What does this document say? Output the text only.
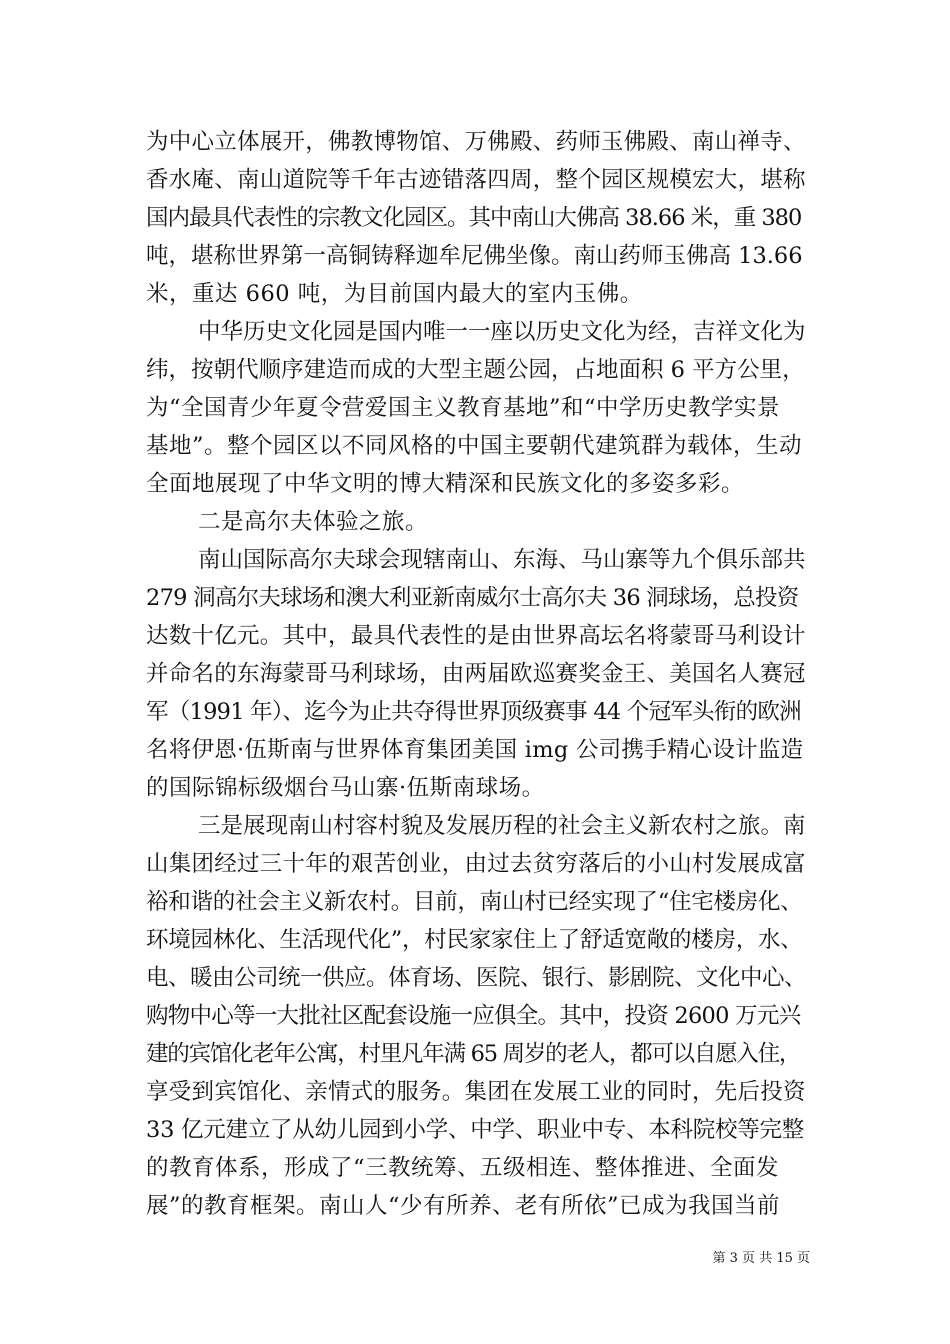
为中心立体展开，佛教博物馆、万佛殿、药师玉佛殿、南山禅寺、
香水庵、南山道院等千年古迹错落四周，整个园区规模宏大，堪称
国内最具代表性的宗教文化园区。其中南山大佛高 38.66 米，重 380
吨，堪称世界第一高铜铸释迦牟尼佛坐像。南山药师玉佛高 13.66
米，重达 660 吨，为目前国内最大的室内玉佛。
中华历史文化园是国内唯一一座以历史文化为经，吉祥文化为
纬，按朝代顺序建造而成的大型主题公园，占地面积 6 平方公里，
为“全国青少年夏令营爱国主义教育基地”和“中学历史教学实景
基地”。整个园区以不同风格的中国主要朝代建筑群为载体，生动
全面地展现了中华文明的博大精深和民族文化的多姿多彩。
二是高尔夫体验之旅。
南山国际高尔夫球会现辖南山、东海、马山寨等九个俱乐部共
279 洞高尔夫球场和澳大利亚新南威尔士高尔夫 36 洞球场，总投资
达数十亿元。其中，最具代表性的是由世界高坛名将蒙哥马利设计
并命名的东海蒙哥马利球场，由两届欧巡赛奖金王、美国名人赛冠
军（1991 年）、迄今为止共夺得世界顶级赛事 44 个冠军头衔的欧洲
名将伊恩·伍斯南与世界体育集团美国 img 公司携手精心设计监造
的国际锦标级烟台马山寨·伍斯南球场。
三是展现南山村容村貌及发展历程的社会主义新农村之旅。南
山集团经过三十年的艰苦创业，由过去贫穷落后的小山村发展成富
裕和谐的社会主义新农村。目前，南山村已经实现了“住宅楼房化、
环境园林化、生活现代化”，村民家家住上了舒适宽敞的楼房，水、
电、暖由公司统一供应。体育场、医院、银行、影剧院、文化中心、
购物中心等一大批社区配套设施一应俱全。其中，投资 2600 万元兴
建的宾馆化老年公寓，村里凡年满 65 周岁的老人，都可以自愿入住，
享受到宾馆化、亲情式的服务。集团在发展工业的同时，先后投资
33 亿元建立了从幼儿园到小学、中学、职业中专、本科院校等完整
的教育体系，形成了“三教统筹、五级相连、整体推进、全面发
展”的教育框架。南山人“少有所养、老有所依”已成为我国当前
第 3 页 共 15 页
